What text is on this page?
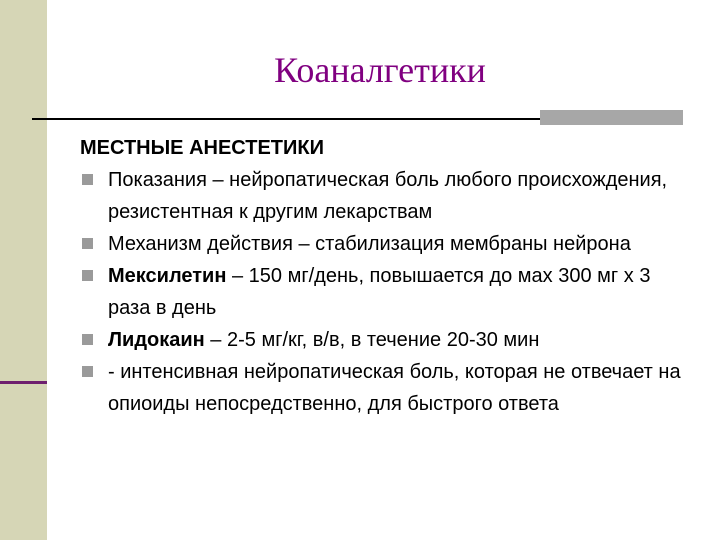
Коаналгетики
МЕСТНЫЕ АНЕСТЕТИКИ
Показания – нейропатическая боль любого происхождения, резистентная к другим лекарствам
Механизм действия – стабилизация мембраны нейрона
Мексилетин – 150 мг/день, повышается до мах 300 мг х 3 раза в день
Лидокаин – 2-5 мг/кг, в/в, в течение 20-30 мин
- интенсивная нейропатическая боль, которая не отвечает на опиоиды непосредственно, для быстрого ответа
